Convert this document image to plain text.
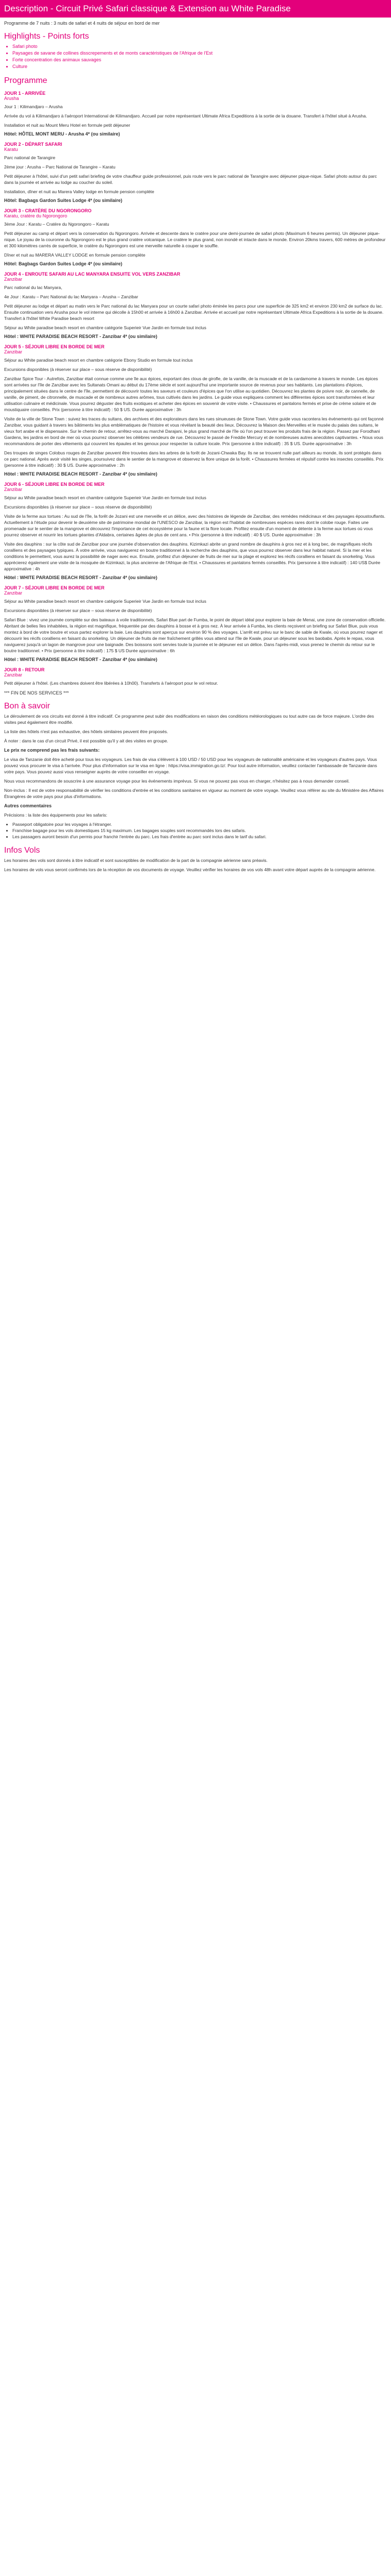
Description - Circuit Privé Safari classique & Extension au White Paradise
Programme de 7 nuits : 3 nuits de safari et 4 nuits de séjour en bord de mer
Highlights - Points forts
• Safari photo
• Paysages de savane de collines disscrepements et de monts caractéristiques de l'Afrique de l'Est
• Forte concentration des animaux sauvages
• Culture
Programme
JOUR 1 - ARRIVÉE
Arusha

Jour 1 : Kilimandjaro – Arusha

Arrivée du vol à Kilimandjaro à l'aéroport International de Kilimandjaro. Accueil par notre représentant Ultimate Africa Expeditions à la sortie de la douane. Transfert à l'hôtel situé à Arusha.

Installation et nuit au Mount Meru Hotel en formule petit déjeuner

Hôtel: HÔTEL MONT MERU - Arusha 4* (ou similaire)
JOUR 2 - DÉPART SAFARI
Karatu

Parc national de Tarangire

2ème jour : Arusha – Parc National de Tarangire – Karatu

Petit déjeuner à l'hôtel, suivi d'un petit safari briefing de votre chauffeur guide professionnel, puis route vers le parc national de Tarangire avec déjeuner pique-nique. Safari photo autour du parc dans la journée et arrivée au lodge au coucher du soleil.

Installation, dîner et nuit au Marera Valley lodge en formule pension complète

Hôtel: Bagbags Gardon Suites Lodge 4* (ou similaire)
JOUR 3 - CRATÈRE DU NGORONGORO
Karatu, cratère du Ngorongoro

3ème Jour : Karatu – Cratère du Ngorongoro – Karatu

Petit déjeuner au camp et départ vers la conservation du Ngorongoro. Arrivée et descente dans le cratère pour une demi-journée de safari photo (Maximum 6 heures permis). Un déjeuner pique-nique. Le joyau de la couronne du Ngorongoro est le plus grand cratère volcanique. Le cratère le plus grand, non inondé et intacte dans le monde. Environ 20kms travers, 600 mètres de profondeur et 300 kilomètres carrés de superficie, le cratère du Ngorongoro est une merveille naturelle à couper le souffle.

Dîner et nuit au MARERA VALLEY LODGE en formule pension complète

Hôtel: Bagbags Gardon Suites Lodge 4* (ou similaire)
JOUR 4 - ENROUTE SAFARI AU LAC MANYARA ENSUITE VOL VERS ZANZIBAR
Zanzibar

Parc national du lac Manyara,

4e Jour : Karatu – Parc National du lac Manyara – Arusha – Zanzibar

Petit déjeuner au lodge et départ au matin vers le Parc national du lac Manyara pour un courte safari photo éminée les parcs pour une superficie de 325 km2 et environ 230 km2 de surface du lac. Ensuite continuation vers Arusha pour le vol interne qui décolle à 15h00 et arrivée à 16h00 à Zanzibar. Arrivée et accueil par notre représentant Ultimate Africa Expeditions à la sortie de la douane. Transfert à l'hôtel White Paradise beach resort

Séjour au White paradise beach resort en chambre catégorie Superieir Vue Jardin en formule tout inclus

Hôtel : WHITE PARADISE BEACH RESORT - Zanzibar 4* (ou similaire)
JOUR 5 - SÉJOUR LIBRE EN BORDE DE MER
Zanzibar

Séjour au White paradise beach resort en chambre catégorie Ebony Studio en formule tout inclus

Excursions disponibles (à réserver sur place – sous réserve de disponibilité)

Zanzibar Spice Tour - Autrefois, Zanzibar était connue comme une île aux épices, exportant des clous de girofle, de la vanille, de la muscade et de la cardamome à travers le monde. Les épices sont arrivées sur l'île de Zanzibar avec les Sultanats Omani au début du 17ème siècle et sont aujourd'hui une importante source de revenus pour ses habitants. Les plantations d'épices, principalement situées dans le centre de l'île, permettent de découvrir toutes les saveurs et couleurs d'épices que l'on utilise au quotidien. Découvrez les plantes de poivre noir, de cannelle, de vanille, de piment, de citronnelle, de muscade et de nombreux autres arômes, tous cultivés dans les jardins. Le guide vous expliquera comment les différentes épices sont transformées et leur utilisation culinaire et médicinale. Vous pourrez déguster des fruits exotiques et acheter des épices en souvenir de votre visite. • Chaussures et pantalons fermés et prise de crème solaire et de moustiquaire conseillés. Prix (personne à titre indicatif) : 50 $ US. Durée approximative : 3h

Visite de la ville de Stone Town : suivez les traces du sultans, des archives et des explorateurs dans les rues sinueuses de Stone Town. Votre guide vous racontera les événements qui ont façonné Zanzibar, vous guidant à travers les bâtiments les plus emblématiques de l'histoire et vous révélant la beauté des lieux. Découvrez la Maison des Merveilles et le musée du palais des sultans, le vieux fort arabe et le dispensaire. Sur le chemin de retour, arrêtez-vous au marché Darajani, le plus grand marché de l'île où l'on peut trouver les produits frais de la région. Passez par Forodhani Gardens, les jardins en bord de mer où vous pourrez observer les célèbres vendeurs de rue. Découvrez le passé de Freddie Mercury et de nombreuses autres anecdotes captivantes. • Nous vous recommandons de porter des vêtements qui couvrent les épaules et les genoux pour respecter la culture locale. Prix (personne à titre indicatif) : 35 $ US. Durée approximative : 3h

Des troupes de singes Colobus rouges de Zanzibar peuvent être trouvées dans les arbres de la forêt de Jozani-Chwaka Bay. Ils ne se trouvent nulle part ailleurs au monde, ils sont protégés dans ce parc national. Après avoir visité les singes, poursuivez dans le sentier de la mangrove et observez la flore unique de la forêt. • Chaussures fermées et répulsif contre les insectes conseillés. Prix (personne à titre indicatif) : 30 $ US. Durée approximative : 2h

Hôtel : WHITE PARADISE BEACH RESORT - Zanzibar 4* (ou similaire)
JOUR 6 - SÉJOUR LIBRE EN BORDE DE MER
Zanzibar

Séjour au White paradise beach resort en chambre catégorie Superieir Vue Jardin en formule tout inclus

Excursions disponibles (à réserver sur place – sous réserve de disponibilité)

Visite de la ferme aux tortues : Au sud de l'île, la forêt de Jozani est une merveille et un délice, avec des histoires de légende de Zanzibar, des remèdes médicinaux et des paysages époustouflants. Actuellement à l'étude pour devenir le deuxième site de patrimoine mondial de l'UNESCO de Zanzibar, la région est l'habitat de nombreuses espèces rares dont le colobe rouge. Faites une promenade sur le sentier de la mangrove et découvrez l'importance de cet écosystème pour la faune et la flore locale. Profitez ensuite d'un moment de détente à la ferme aux tortues où vous pourrez observer et nourrir les tortues géantes d'Aldabra, certaines âgées de plus de cent ans. • Prix (personne à titre indicatif) : 40 $ US. Durée approximative : 3h

Visite des dauphins : sur la côte sud de Zanzibar pour une journée d'observation des dauphins. Kizimkazi abrite un grand nombre de dauphins à gros nez et à long bec, de magnifiques récifs coralliens et des paysages typiques. À votre arrivée, vous naviguerez en boutre traditionnel à la recherche des dauphins, que vous pourrez observer dans leur habitat naturel. Si la mer et les conditions le permettent, vous aurez la possibilité de nager avec eux. Ensuite, profitez d'un déjeuner de fruits de mer sur la plage et explorez les récifs coralliens en faisant du snorkeling. Vous apprécierez également une visite de la mosquée de Kizimkazi, la plus ancienne de l'Afrique de l'Est. • Chaussures et pantalons fermés conseillés. Prix (personne à titre indicatif) : 140 US$ Durée approximative : 4h

Hôtel : WHITE PARADISE BEACH RESORT - Zanzibar 4* (ou similaire)
JOUR 7 - SÉJOUR LIBRE EN BORDE DE MER
Zanzibar

Séjour au White paradise beach resort en chambre catégorie Superieir Vue Jardin en formule tout inclus

Excursions disponibles (à réserver sur place – sous réserve de disponibilité)

Safari Blue : vivez une journée complète sur des bateaux à voile traditionnels, Safari Blue part de Fumba, le point de départ idéal pour explorer la baie de Menai, une zone de conservation officielle. Abritant de belles îles inhabitées, la région est magnifique, fréquentée par des dauphins à bosse et à gros nez. À leur arrivée à Fumba, les clients reçoivent un briefing sur Safari Blue, puis vous montez à bord de votre boutre et vous partez explorer la baie. Les dauphins sont aperçus sur environ 90 % des voyages. L'arrêt est prévu sur le banc de sable de Kwale, où vous pourrez nager et découvrir les récifs coralliens en faisant du snorkeling. Un déjeuner de fruits de mer fraîchement grillés vous attend sur l'île de Kwale, pour un déjeuner sous les baobabs. Après le repas, vous naviguerez jusqu'à un lagon de mangrove pour une baignade. Des boissons sont servies toute la journée et le déjeuner est un délice. Dans l'après-midi, vous prenez le chemin du retour sur le boutre traditionnel. • Prix (personne à titre indicatif) : 175 $ US Durée approximative : 6h

Hôtel : WHITE PARADISE BEACH RESORT - Zanzibar 4* (ou similaire)
JOUR 8 - RETOUR
Zanzibar

Petit déjeuner à l'hôtel. (Les chambres doivent être libérées à 10h00). Transferts à l'aéroport pour le vol retour.

*** FIN DE NOS SERVICES ***
Bon à savoir

Le déroulement de vos circuits est donné à titre indicatif. Ce programme peut subir des modifications en raison des conditions météorologiques ou tout autre cas de force majeure. L'ordre des visites peut également être modifié.

La liste des hôtels n'est pas exhaustive, des hôtels similaires peuvent être proposés.

À noter : dans le cas d'un circuit Privé, il est possible qu'il y ait des visites en groupe.

Le prix ne comprend pas les frais suivants:

Le visa de Tanzanie doit être acheté pour tous les voyageurs. Les frais de visa s'élèvent à 100 USD / 50 USD pour les voyageurs de nationalité américaine et les voyageurs d'autres pays. Vous pouvez vous procurer le visa à l'arrivée. Pour plus d'information sur le visa en ligne : https://visa.immigration.go.tz/. Pour tout autre information, veuillez contacter l'ambassade de Tanzanie dans votre pays. Vous pouvez aussi vous renseigner auprès de votre conseiller en voyage.

Nous vous recommandons de souscrire à une assurance voyage pour les événements imprévus. Si vous ne pouvez pas vous en charger, n'hésitez pas à nous demander conseil.

Non-inclus : Il est de votre responsabilité de vérifier les conditions d'entrée et les conditions sanitaires en vigueur au moment de votre voyage. Veuillez vous référer au site du Ministère des Affaires Étrangères de votre pays pour plus d'informations.

Autres commentaires

Précisions : la liste des équipements pour les safaris:

• Passeport obligatoire pour les voyages à l'étranger.
• Franchise bagage pour les vols domestiques 15 kg maximum. Les bagages souples sont recommandés lors des safaris.
• Les passagers auront besoin d'un permis pour franchir l'entrée du parc. Les frais d'entrée au parc sont inclus dans le tarif du safari.
Infos Vols

Les horaires des vols sont donnés à titre indicatif et sont susceptibles de modification de la part de la compagnie aérienne sans préavis.

Les horaires de vols vous seront confirmés lors de la réception de vos documents de voyage. Veuillez vérifier les horaires de vos vols 48h avant votre départ auprès de la compagnie aérienne.
